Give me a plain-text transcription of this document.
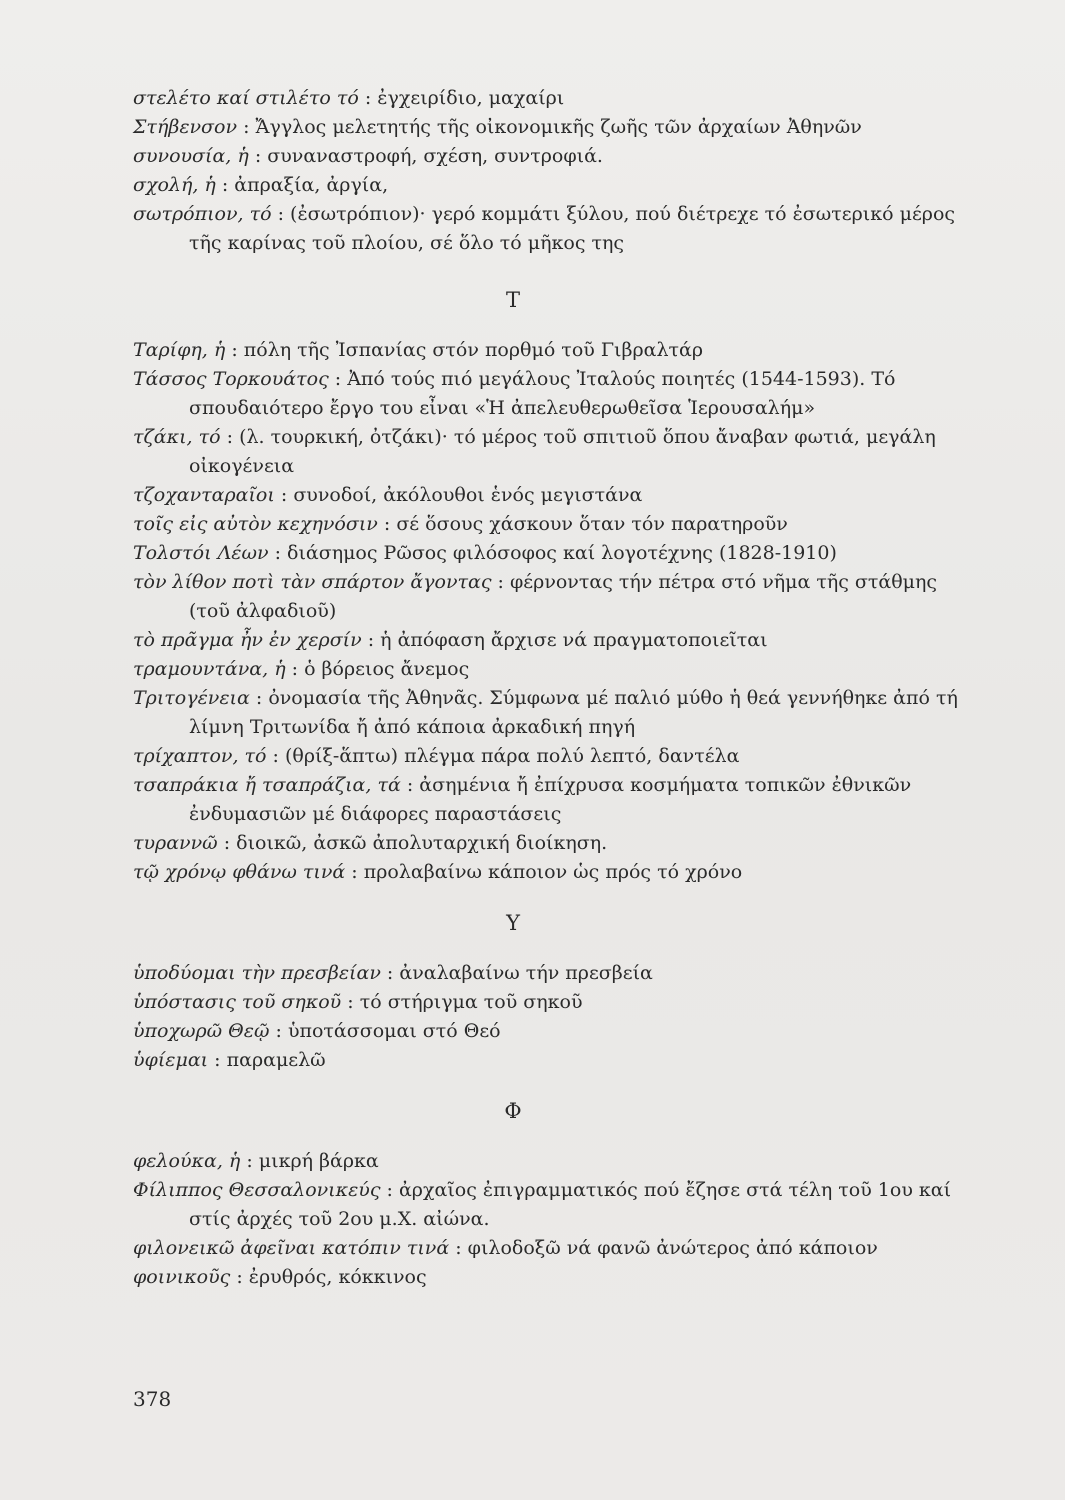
στελέτο καί στιλέτο τό : ἐγχειρίδιο, μαχαίρι

Στήβενσον : Ἄγγλος μελετητής τῆς οἰκονομικῆς ζωῆς τῶν ἀρχαίων Ἀθηνῶν

συνουσία, ἡ : συναναστροφή, σχέση, συντροφιά.

σχολή, ἡ : ἀπραξία, ἀργία,

σωτρόπιον, τό : (ἐσωτρόπιον)· γερό κομμάτι ξύλου, πού διέτρεχε τό ἐσωτερικό μέρος τῆς καρίνας τοῦ πλοίου, σέ ὅλο τό μῆκος της

Τ

Ταρίφη, ἡ : πόλη τῆς Ἰσπανίας στόν πορθμό τοῦ Γιβραλτάρ

Τάσσος Τορκουάτος : Ἀπό τούς πιό μεγάλους Ἰταλούς ποιητές (1544-1593). Τό σπουδαιότερο ἔργο του εἶναι «Ἡ ἀπελευθερωθεῖσα Ἱερουσαλήμ»

τζάκι, τό : (λ. τουρκική, ὀτζάκι)· τό μέρος τοῦ σπιτιοῦ ὅπου ἄναβαν φωτιά, μεγάλη οἰκογένεια

τζοχανταραῖοι : συνοδοί, ἀκόλουθοι ἑνός μεγιστάνα

τοῖς εἰς αὐτὸν κεχηνόσιν : σέ ὅσους χάσκουν ὅταν τόν παρατηροῦν

Τολστόι Λέων : διάσημος Ρῶσος φιλόσοφος καί λογοτέχνης (1828-1910)

τὸν λίθον ποτὶ τὰν σπάρτον ἄγοντας : φέρνοντας τήν πέτρα στό νῆμα τῆς στάθμης (τοῦ ἀλφαδιοῦ)

τὸ πρᾶγμα ἦν ἐν χερσίν : ἡ ἀπόφαση ἄρχισε νά πραγματοποιεῖται

τραμουντάνα, ἡ : ὁ βόρειος ἄνεμος

Τριτογένεια : ὀνομασία τῆς Ἀθηνᾶς. Σύμφωνα μέ παλιό μύθο ἡ θεά γεννήθηκε ἀπό τή λίμνη Τριτωνίδα ἤ ἀπό κάποια ἀρκαδική πηγή

τρίχαπτον, τό : (θρίξ-ἅπτω) πλέγμα πάρα πολύ λεπτό, δαντέλα

τσαπράκια ἤ τσαπράζια, τά : ἀσημένια ἤ ἐπίχρυσα κοσμήματα τοπικῶν ἐθνικῶν ἐνδυμασιῶν μέ διάφορες παραστάσεις

τυραννῶ : διοικῶ, ἀσκῶ ἀπολυταρχική διοίκηση.

τῷ χρόνῳ φθάνω τινά : προλαβαίνω κάποιον ὡς πρός τό χρόνο

Υ

ὑποδύομαι τὴν πρεσβείαν : ἀναλαβαίνω τήν πρεσβεία

ὑπόστασις τοῦ σηκοῦ : τό στήριγμα τοῦ σηκοῦ

ὑποχωρῶ Θεῷ : ὑποτάσσομαι στό Θεό

ὑφίεμαι : παραμελῶ

Φ

φελούκα, ἡ : μικρή βάρκα

Φίλιππος Θεσσαλονικεύς : ἀρχαῖος ἐπιγραμματικός πού ἔζησε στά τέλη τοῦ 1ου καί στίς ἀρχές τοῦ 2ου μ.Χ. αἰώνα.

φιλονεικῶ ἀφεῖναι κατόπιν τινά : φιλοδοξῶ νά φανῶ ἀνώτερος ἀπό κάποιον

φοινικοῦς : ἐρυθρός, κόκκινος

378
